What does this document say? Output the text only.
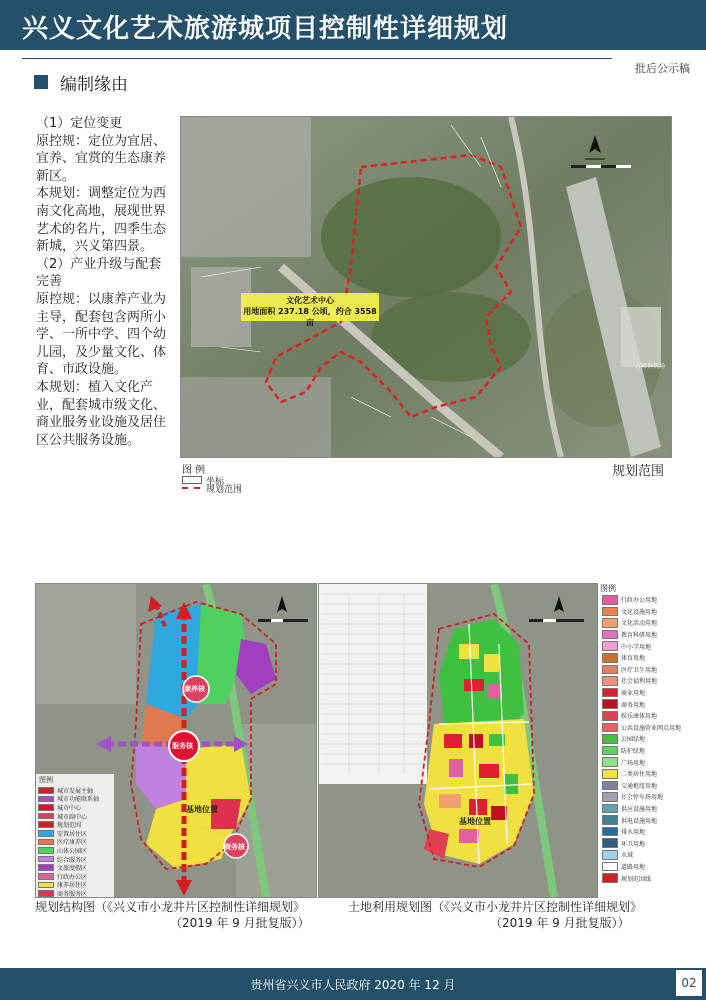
兴义文化艺术旅游城项目控制性详细规划
批后公示稿
编制缘由

（1）定位变更

原控规：定位为宜居、宜养、宜赏的生态康养新区。

本规划：调整定位为西南文化高地，展现世界艺术的名片，四季生态新城，兴义第四景。

（2）产业升级与配套完善

原控规：以康养产业为主导，配套包含两所小学、一所中学、四个幼儿园，及少量文化、体育、市政设施。

本规划：植入文化产业，配套城市级文化、商业服务业设施及居住区公共服务设施。

文化艺术中心
用地面积 237.18 公顷，约合 3558 亩
万峰林机场
图 例
坐标
规划范围
规划范围
康养核
服务核
基地位置
商务核
图例
城市发展主轴
城市功能联系轴
城市中心
城市副中心
规划范围
安置居住区
医疗康养区
山体公园区
综合服务区
文旅度假区
行政办公区
康养居住区
商务服务区
规划结构图（《兴义市小龙井片区控制性详细规划》
（2019 年 9 月批复版））
基地位置
图例
行政办公用地
文化设施用地
文化活动用地
教育科研用地
中小学用地
体育用地
医疗卫生用地
社会福利用地
商业用地
商务用地
娱乐康体用地
公共设施营业网点用地
公园绿地
防护绿地
广场用地
二类居住用地
交通枢纽用地
社会停车场用地
供应设施用地
供电设施用地
排水用地
环卫用地
水域
道路用地
规划范围线
土地利用规划图（《兴义市小龙井片区控制性详细规划》
（2019 年 9 月批复版））
贵州省兴义市人民政府 2020 年 12 月	02
